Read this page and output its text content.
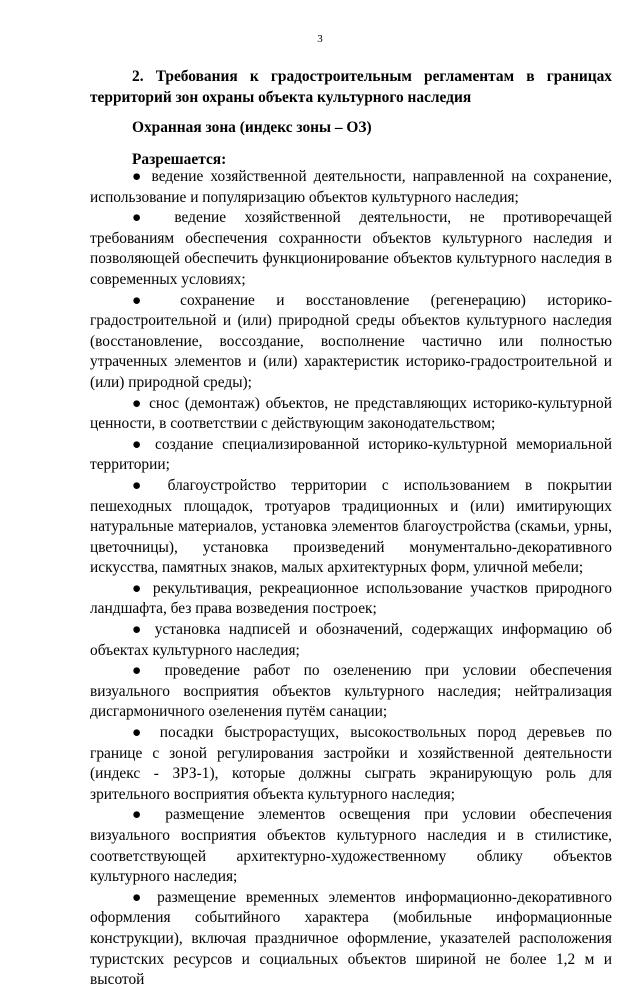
3
2. Требования к градостроительным регламентам в границах
территорий зон охраны объекта культурного наследия
Охранная зона (индекс зоны – ОЗ)
Разрешается:

● ведение хозяйственной деятельности, направленной на сохранение, использование и популяризацию объектов культурного наследия;

● ведение хозяйственной деятельности, не противоречащей требованиям обеспечения сохранности объектов культурного наследия и позволяющей обеспечить функционирование объектов культурного наследия в современных условиях;

● сохранение и восстановление (регенерацию) историко-градостроительной и (или) природной среды объектов культурного наследия (восстановление, воссоздание, восполнение частично или полностью утраченных элементов и (или) характеристик историко-градостроительной и (или) природной среды);

● снос (демонтаж) объектов, не представляющих историко-культурной ценности, в соответствии с действующим законодательством;

● создание специализированной историко-культурной мемориальной территории;

● благоустройство территории с использованием в покрытии пешеходных площадок, тротуаров традиционных и (или) имитирующих натуральные материалов, установка элементов благоустройства (скамьи, урны, цветочницы), установка произведений монументально-декоративного искусства, памятных знаков, малых архитектурных форм, уличной мебели;

● рекультивация, рекреационное использование участков природного ландшафта, без права возведения построек;

● установка надписей и обозначений, содержащих информацию об объектах культурного наследия;

● проведение работ по озеленению при условии обеспечения визуального восприятия объектов культурного наследия; нейтрализация дисгармоничного озеленения путём санации;

● посадки быстрорастущих, высокоствольных пород деревьев по границе с зоной регулирования застройки и хозяйственной деятельности (индекс - ЗРЗ-1), которые должны сыграть экранирующую роль для зрительного восприятия объекта культурного наследия;

● размещение элементов освещения при условии обеспечения визуального восприятия объектов культурного наследия и в стилистике, соответствующей архитектурно-художественному облику объектов культурного наследия;

● размещение временных элементов информационно-декоративного оформления событийного характера (мобильные информационные конструкции), включая праздничное оформление, указателей расположения туристских ресурсов и социальных объектов шириной не более 1,2 м и высотой
